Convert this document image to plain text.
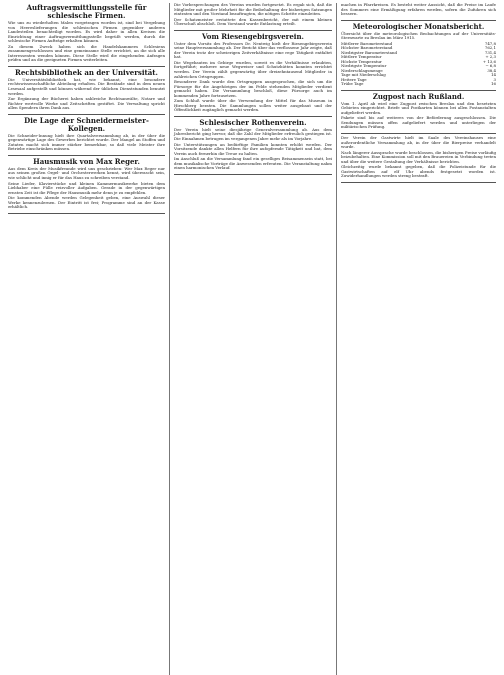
Auftragsvermittlungsstelle für schlesische Firmen.

Wie uns zu wiederholten Malen vorgetragen worden ist, sind bei Vergebung von Heereslieferungen die schlesischen Firmen gegenüber anderen Landesteilen benachteiligt worden. Es wird daher in allen Kreisen die Einrichtung einer Auftragsvermittlungsstelle begrüßt werden, durch die schlesische Firmen Aufträge erhalten können.

Zu diesem Zweck haben sich die Handelskammern Schlesiens zusammengeschlossen und eine gemeinsame Stelle errichtet, an die sich alle Interessenten wenden können. Diese Stelle wird die eingehenden Anfragen prüfen und an die geeigneten Firmen weiterleiten.

Rechtsbibliothek an der Universität.

Die Universitätsbibliothek hat, wie bekannt, eine besondere rechtswissenschaftliche Abteilung erhalten. Die Bestände sind in dem neuen Lesesaal aufgestellt und können während der üblichen Dienststunden benutzt werden.

Zur Ergänzung der Bücherei haben zahlreiche Rechtsanwälte, Notare und Richter wertvolle Werke und Zeitschriften gestiftet. Die Verwaltung spricht allen Spendern ihren Dank aus.

Die Lage der Schneidermeister-Kollegen.

Die Schneider-Innung hielt ihre Quartalsversammlung ab, in der über die gegenwärtige Lage des Gewerbes berichtet wurde. Der Mangel an Stoffen und Zutaten macht sich immer stärker bemerkbar, so daß viele Meister ihre Betriebe einschränken müssen.

Hausmusik von Max Reger.

Aus dem Kreis der Musikfreunde wird uns geschrieben: Wer Max Reger nur aus seinen großen Orgel- und Orchesterwerken kennt, wird überrascht sein, wie schlicht und innig er für das Haus zu schreiben verstand.

Seine Lieder, Klavierstücke und kleinen Kammermusikwerke bieten dem Liebhaber eine Fülle reizvoller Aufgaben. Gerade in der gegenwärtigen ernsten Zeit ist die Pflege der Hausmusik mehr denn je zu empfehlen.

Die kommenden Abende werden Gelegenheit geben, eine Auswahl dieser Werke kennenzulernen. Der Eintritt ist frei; Programme sind an der Kasse erhältlich.

Die Vorbesprechungen des Vereins wurden fortgesetzt. Es ergab sich, daß die Mitglieder mit großer Mehrheit für die Beibehaltung der bisherigen Satzungen eintraten und den Vorstand beauftragten, die nötigen Schritte einzuleiten.

Der Schatzmeister erstattete den Kassenbericht, der mit einem kleinen Überschuß abschloß. Dem Vorstand wurde Entlastung erteilt.

Vom Riesengebirgsverein.

Unter dem Vorsitz des Professors Dr. Nentwig hielt der Riesengebirgsverein seine Hauptversammlung ab. Der Bericht über das verflossene Jahr zeigte, daß der Verein trotz der schwierigen Zeitverhältnisse eine rege Tätigkeit entfaltet hat.

Die Wegebauten im Gebirge wurden, soweit es die Verhältnisse erlaubten, fortgeführt; mehrere neue Wegweiser und Schutzhütten konnten errichtet werden. Der Verein zählt gegenwärtig über dreizehntausend Mitglieder in zahlreichen Ortsgruppen.

Besonderer Dank wurde den Ortsgruppen ausgesprochen, die sich um die Fürsorge für die Angehörigen der im Felde stehenden Mitglieder verdient gemacht haben. Die Versammlung beschloß, diese Fürsorge auch im kommenden Jahre fortzusetzen.

Zum Schluß wurde über die Verwendung der Mittel für das Museum in Hirschberg beraten. Die Sammlungen sollen weiter ausgebaut und der Öffentlichkeit zugänglich gemacht werden.

Schlesischer Rothenverein.

Der Verein hielt seine diesjährige Generalversammlung ab. Aus dem Jahresbericht ging hervor, daß die Zahl der Mitglieder erfreulich gestiegen ist. Die Einnahmen betrugen im vergangenen Jahre mehr als im Vorjahre.

Die Unterstützungen an bedürftige Familien konnten erhöht werden. Der Vorsitzende dankte allen Helfern für ihre aufopfernde Tätigkeit und bat, dem Verein auch fernerhin die Treue zu halten.

Im Anschluß an die Versammlung fand ein geselliges Beisammensein statt, bei dem musikalische Vorträge die Anwesenden erfreuten. Die Veranstaltung nahm einen harmonischen Verlauf.

machen in Pfarrkreisen. Es besteht weiter Aussicht, daß die Preise im Laufe des Sommers eine Ermäßigung erfahren werden, sofern die Zufuhren sich bessern.

Meteorologischer Monatsbericht.

Übersicht über die meteorologischen Beobachtungen auf der Universitäts-Sternwarte zu Breslau im März 1915.

Mittlerer Barometerstand	747,8
Höchster Barometerstand	762,1
Niedrigster Barometerstand	731,4
Mittlere Temperatur	+ 2,3
Höchste Temperatur	+ 13,6
Niedrigste Temperatur	− 6,8
Niederschlagsmenge	38,4
Tage mit Niederschlag	14
Heitere Tage	3
Trübe Tage	16
Zugpost nach Rußland.

Vom 1. April ab wird eine Zugpost zwischen Breslau und den besetzten Gebieten eingerichtet. Briefe und Postkarten können bei allen Postanstalten aufgeliefert werden.

Pakete sind bis auf weiteres von der Beförderung ausgeschlossen. Die Sendungen müssen offen aufgeliefert werden und unterliegen der militärischen Prüfung.

Der Verein der Gastwirte hielt im Saale des Vereinshauses eine außerordentliche Versammlung ab, in der über die Bierpreise verhandelt wurde.

Nach längerer Aussprache wurde beschlossen, die bisherigen Preise vorläufig beizubehalten. Eine Kommission soll mit den Brauereien in Verbindung treten und über die weitere Gestaltung der Verhältnisse berichten.

Gleichzeitig wurde bekannt gegeben, daß die Polizeistunde für die Gastwirtschaften auf elf Uhr abends festgesetzt worden ist. Zuwiderhandlungen werden streng bestraft.
